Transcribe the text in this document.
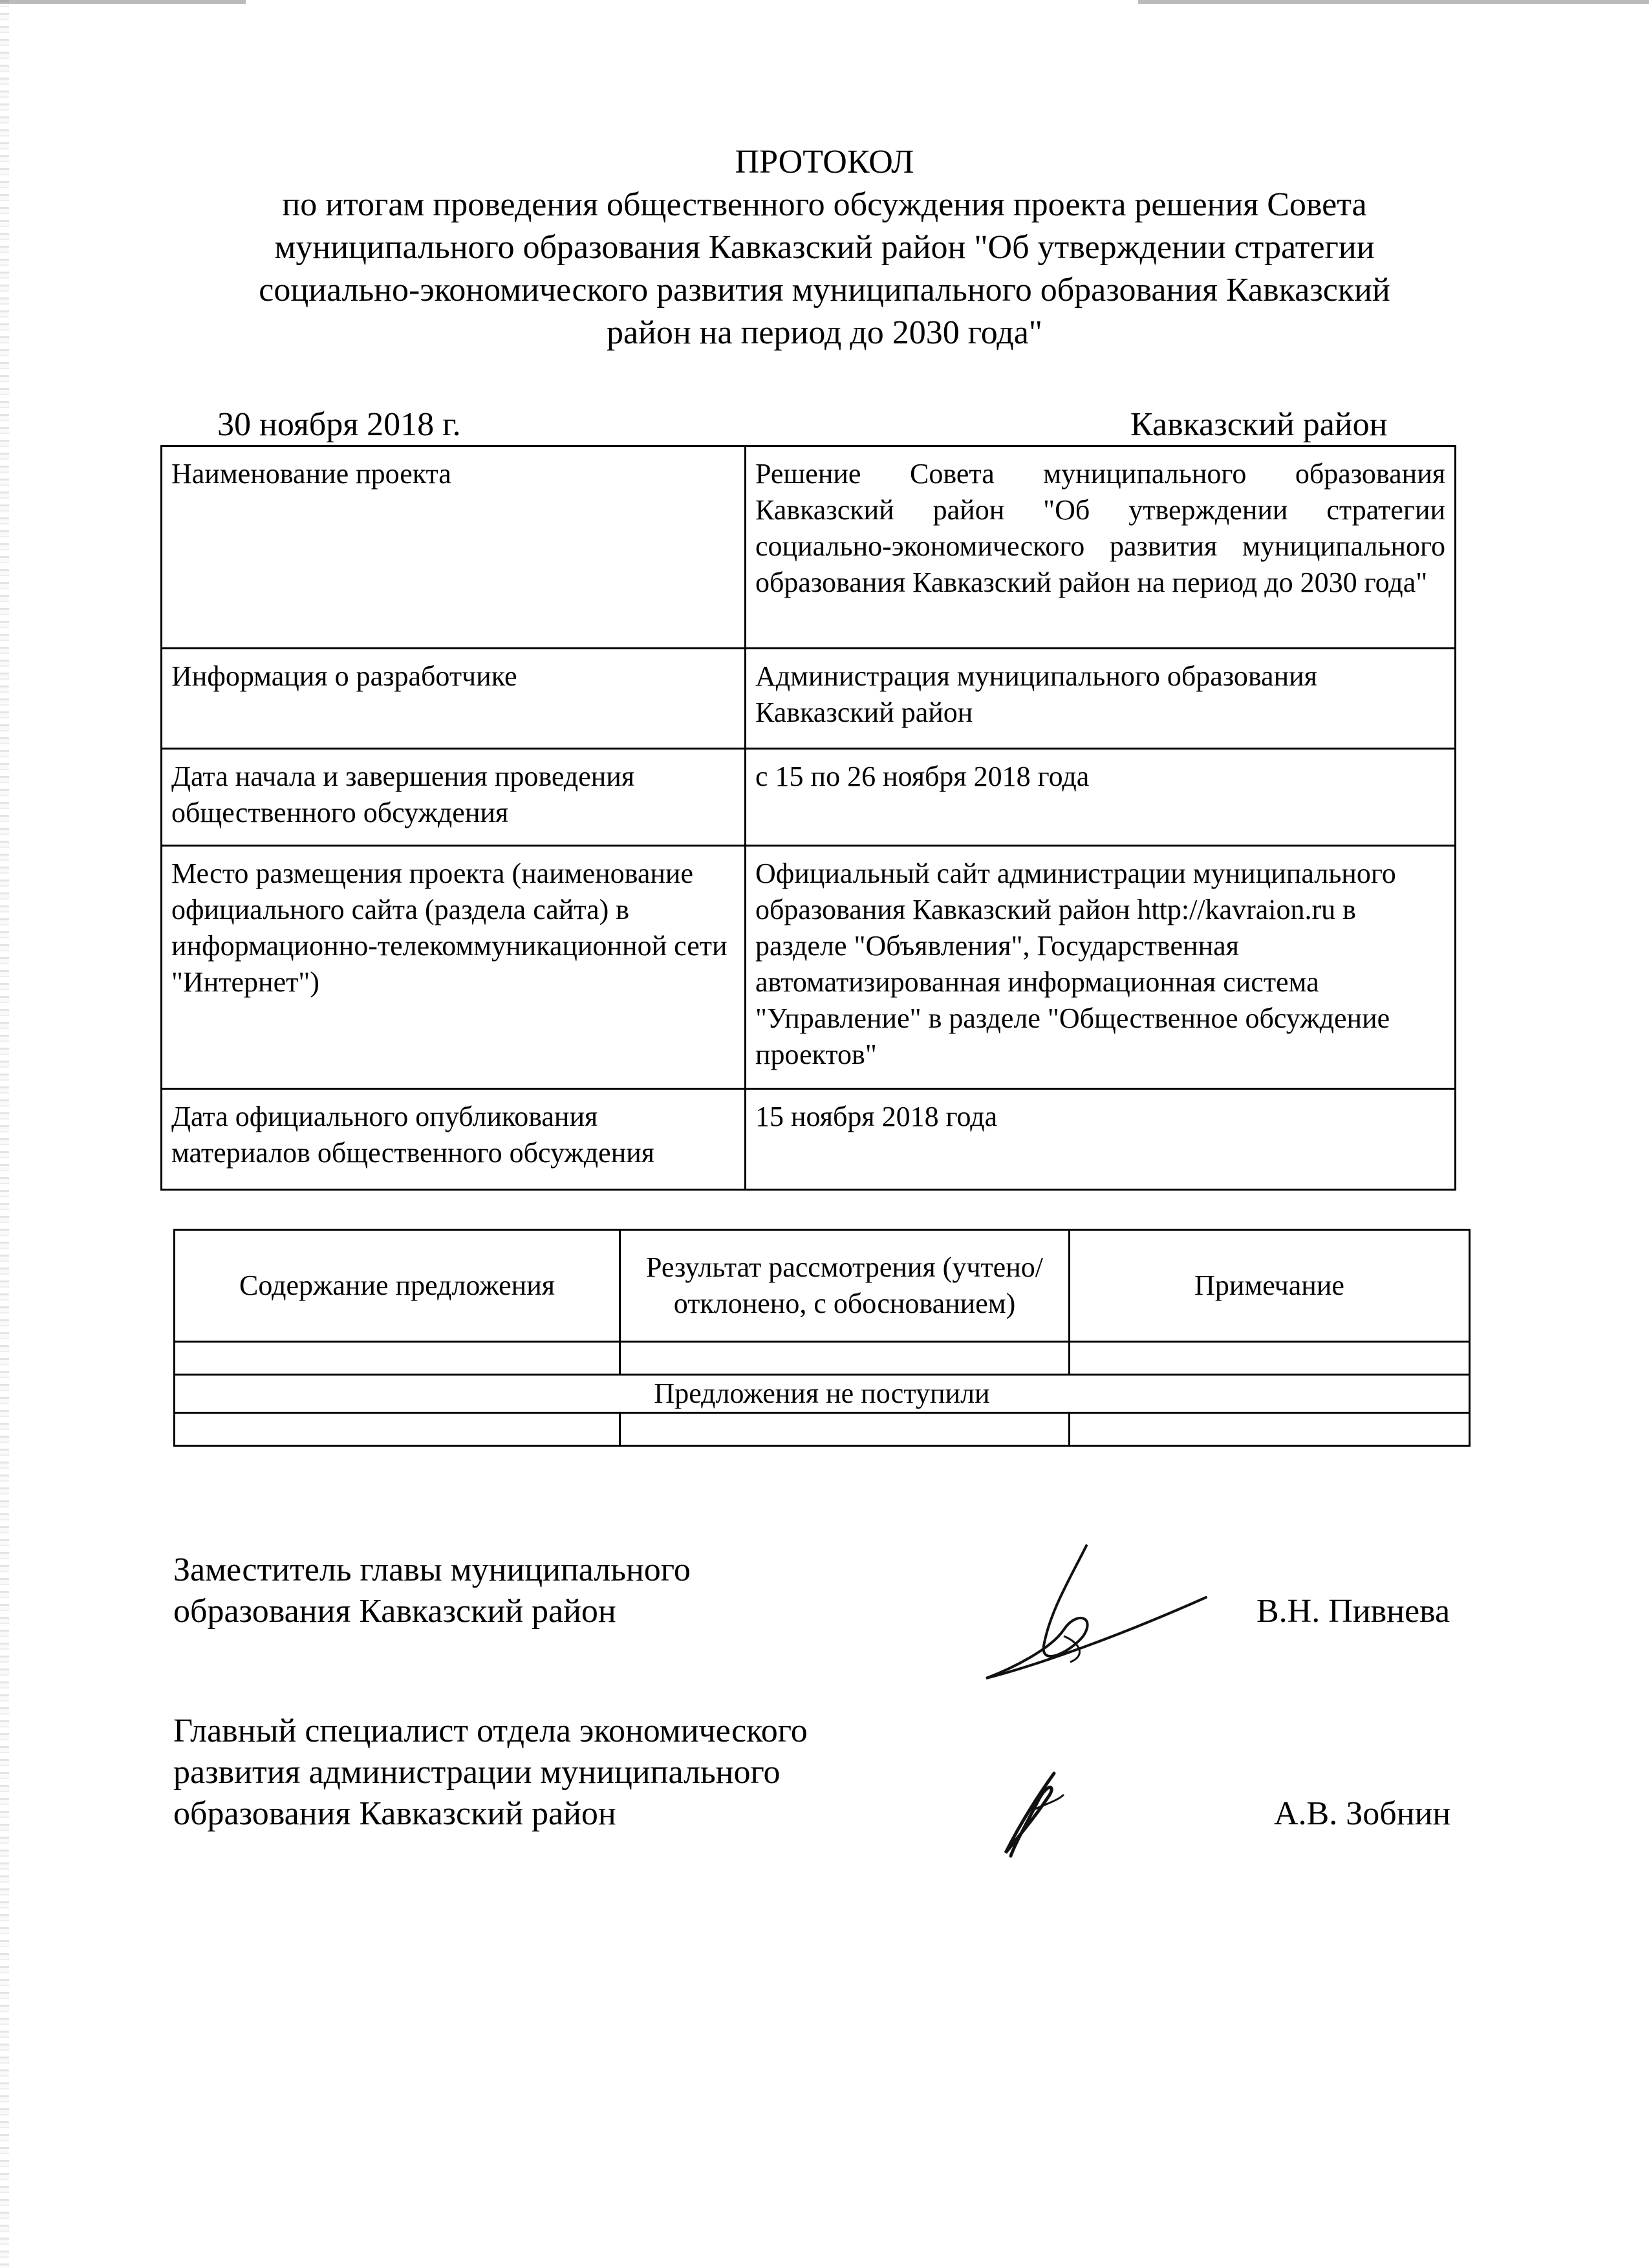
ПРОТОКОЛ
по итогам проведения общественного обсуждения проекта решения Совета
муниципального образования Кавказский район "Об утверждении стратегии
социально-экономического развития муниципального образования Кавказский
район на период до 2030 года"
30 ноября 2018 г.	Кавказский район
Наименование проекта	Решение Совета муниципального образования Кавказский район "Об утверждении стратегии социально-экономического развития муниципального образования Кавказский район на период до 2030 года"
Информация о разработчике	Администрация муниципального образования Кавказский район
Дата начала и завершения проведения общественного обсуждения	с 15 по 26 ноября 2018 года
Место размещения проекта (наименование официального сайта (раздела сайта) в информационно-телекоммуникационной сети "Интернет")	Официальный сайт администрации муниципального образования Кавказский район http://kavraion.ru в разделе "Объявления", Государственная автоматизированная информационная система "Управление" в разделе "Общественное обсуждение проектов"
Дата официального опубликования материалов общественного обсуждения	15 ноября 2018 года
Содержание предложения	Результат рассмотрения (учтено/отклонено, с обоснованием)	Примечание

Предложения не поступили		

Заместитель главы муниципального
образования Кавказский район	В.Н. Пивнева
Главный специалист отдела экономического
развития администрации муниципального
образования Кавказский район	А.В. Зобнин
